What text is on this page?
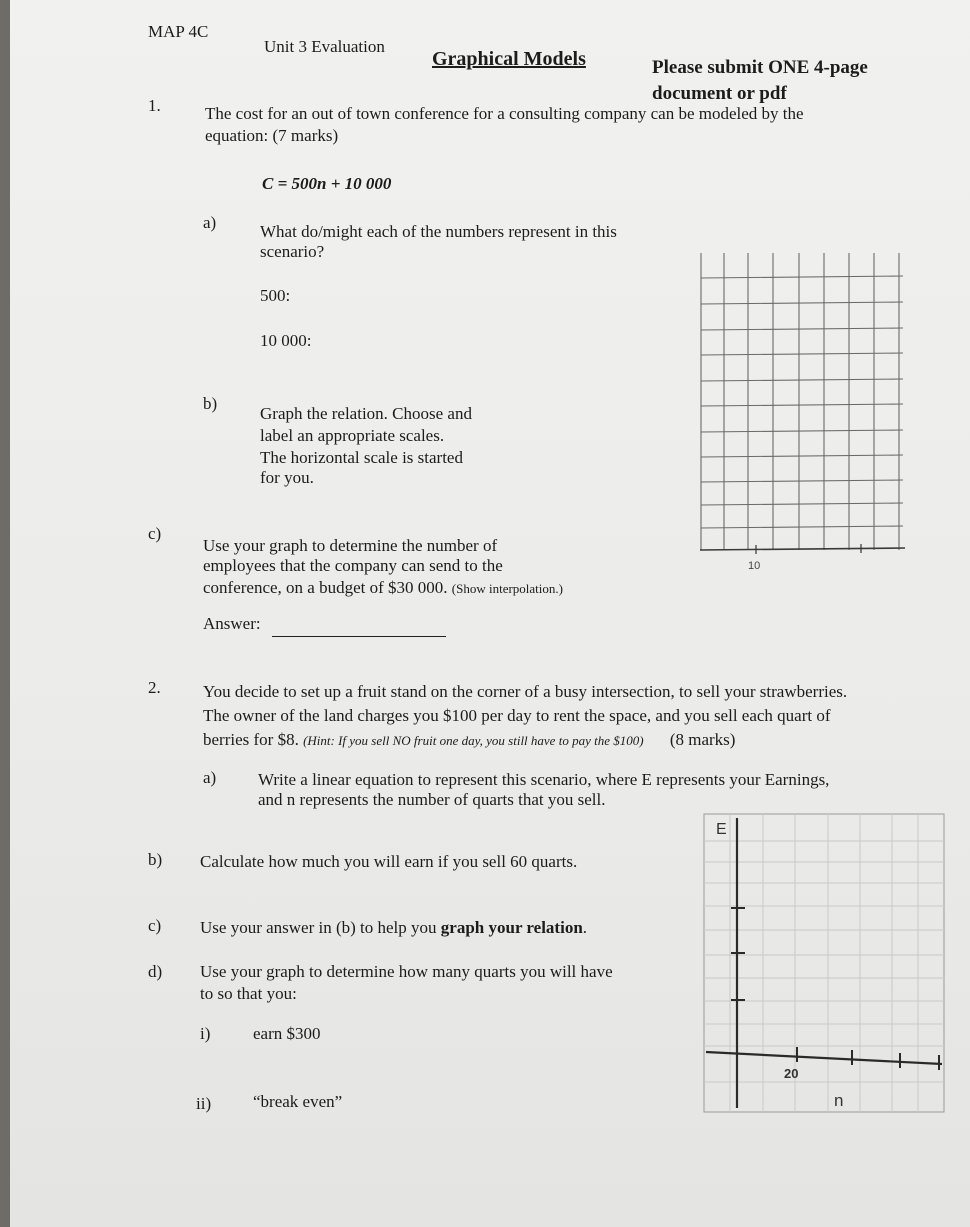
MAP 4C
Unit 3 Evaluation
Graphical Models	Please submit ONE 4-page
document or pdf
1.	The cost for an out of town conference for a consulting company can be modeled by the
equation: (7 marks)
C = 500n + 10 000
a)	What do/might each of the numbers represent in this
scenario?
500:
10 000:
b)
Graph the relation. Choose and
label an appropriate scales.
The horizontal scale is started
for you.
c)
Use your graph to determine the number of
employees that the company can send to the
conference, on a budget of $30 000. (Show interpolation.)
Answer:
10
2. You decide to set up a fruit stand on the corner of a busy intersection, to sell your strawberries.
The owner of the land charges you $100 per day to rent the space, and you sell each quart of
berries for $8. (Hint: If you sell NO fruit one day, you still have to pay the $100) (8 marks)
a) Write a linear equation to represent this scenario, where E represents your Earnings,
and n represents the number of quarts that you sell.
b) Calculate how much you will earn if you sell 60 quarts.
c) Use your answer in (b) to help you graph your relation.
d) Use your graph to determine how many quarts you will have
to so that you:
i)	earn $300
ii) “break even”
E
20
n
